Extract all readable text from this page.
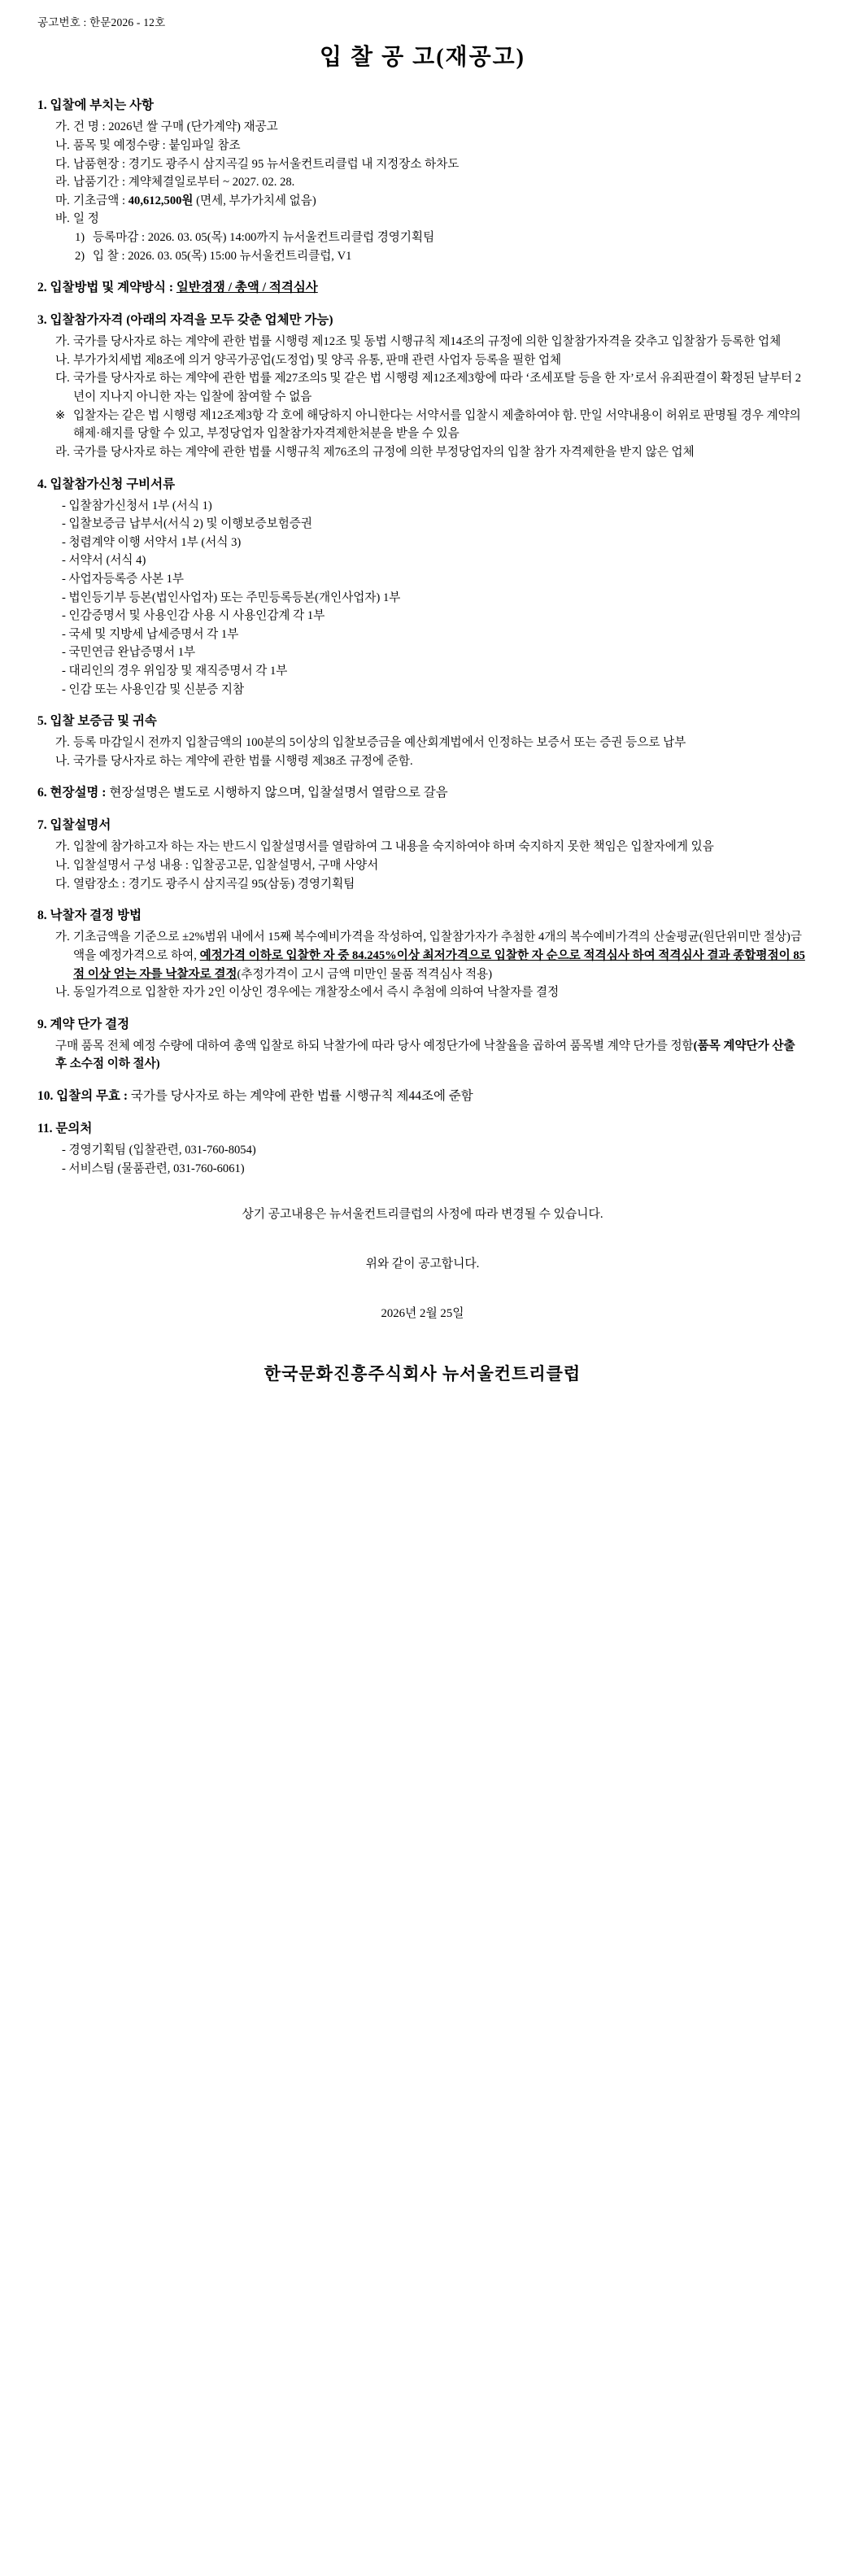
공고번호 : 한문2026 - 12호
입 찰 공 고(재공고)
1. 입찰에 부치는 사항
가. 건 명 : 2026년 쌀 구매 (단가계약) 재공고
나. 품목 및 예정수량 : 붙임파일 참조
다. 납품현장 : 경기도 광주시 삼지곡길 95 뉴서울컨트리클럽 내 지정장소 하차도
라. 납품기간 : 계약체결일로부터 ~ 2027. 02. 28.
마. 기초금액 : 40,612,500원 (면세, 부가가치세 없음)
바. 일 정
1) 등록마감 : 2026. 03. 05(목) 14:00까지 뉴서울컨트리클럽 경영기획팀
2) 입 찰 : 2026. 03. 05(목) 15:00 뉴서울컨트리클럽, V1
2. 입찰방법 및 계약방식 : 일반경쟁 / 총액 / 적격심사
3. 입찰참가자격 (아래의 자격을 모두 갖춘 업체만 가능)
가. 국가를 당사자로 하는 계약에 관한 법률 시행령 제12조 및 동법 시행규칙 제14조의 규정에 의한 입찰참가자격을 갖추고 입찰참가 등록한 업체
나. 부가가치세법 제8조에 의거 양곡가공업(도정업) 및 양곡 유통, 판매 관련 사업자 등록을 필한 업체
다. 국가를 당사자로 하는 계약에 관한 법률 제27조의5 및 같은 법 시행령 제12조제3항에 따라 ‘조세포탈 등을 한 자’로서 유죄판결이 확정된 날부터 2년이 지나지 아니한 자는 입찰에 참여할 수 없음
※ 입찰자는 같은 법 시행령 제12조제3항 각 호에 해당하지 아니한다는 서약서를 입찰시 제출하여야 함. 만일 서약내용이 허위로 판명될 경우 계약의 해제·해지를 당할 수 있고, 부정당업자 입찰참가자격제한처분을 받을 수 있음
라. 국가를 당사자로 하는 계약에 관한 법률 시행규칙 제76조의 규정에 의한 부정당업자의 입찰 참가 자격제한을 받지 않은 업체
4. 입찰참가신청 구비서류
- 입찰참가신청서 1부 (서식 1)
- 입찰보증금 납부서(서식 2) 및 이행보증보험증권
- 청렴계약 이행 서약서 1부 (서식 3)
- 서약서 (서식 4)
- 사업자등록증 사본 1부
- 법인등기부 등본(법인사업자) 또는 주민등록등본(개인사업자) 1부
- 인감증명서 및 사용인감 사용 시 사용인감계 각 1부
- 국세 및 지방세 납세증명서 각 1부
- 국민연금 완납증명서 1부
- 대리인의 경우 위임장 및 재직증명서 각 1부
- 인감 또는 사용인감 및 신분증 지참
5. 입찰 보증금 및 귀속
가. 등록 마감일시 전까지 입찰금액의 100분의 5이상의 입찰보증금을 예산회계법에서 인정하는 보증서 또는 증권 등으로 납부
나. 국가를 당사자로 하는 계약에 관한 법률 시행령 제38조 규정에 준함.
6. 현장설명 : 현장설명은 별도로 시행하지 않으며, 입찰설명서 열람으로 갈음
7. 입찰설명서
가. 입찰에 참가하고자 하는 자는 반드시 입찰설명서를 열람하여 그 내용을 숙지하여야 하며 숙지하지 못한 책임은 입찰자에게 있음
나. 입찰설명서 구성 내용 : 입찰공고문, 입찰설명서, 구매 사양서
다. 열람장소 : 경기도 광주시 삼지곡길 95(삼동) 경영기획팀
8. 낙찰자 결정 방법
가. 기초금액을 기준으로 ±2%범위 내에서 15째 복수예비가격을 작성하여, 입찰참가자가 추첨한 4개의 복수예비가격의 산술평균(원단위미만 절상)금액을 예정가격으로 하여, 예정가격 이하로 입찰한 자 중 84.245%이상 최저가격으로 입찰한 자 순으로 적격심사 하여 적격심사 결과 종합평점이 85점 이상 얻는 자를 낙찰자로 결정(추정가격이 고시 금액 미만인 물품 적격심사 적용)
나. 동일가격으로 입찰한 자가 2인 이상인 경우에는 개찰장소에서 즉시 추첨에 의하여 낙찰자를 결정
9. 계약 단가 결정
구매 품목 전체 예정 수량에 대하여 총액 입찰로 하되 낙찰가에 따라 당사 예정단가에 낙찰율을 곱하여 품목별 계약 단가를 정함(품목 계약단가 산출 후 소수점 이하 절사)
10. 입찰의 무효 : 국가를 당사자로 하는 계약에 관한 법률 시행규칙 제44조에 준함
11. 문의처
- 경영기획팀 (입찰관련, 031-760-8054)
- 서비스팀 (물품관련, 031-760-6061)
상기 공고내용은 뉴서울컨트리클럽의 사정에 따라 변경될 수 있습니다.
위와 같이 공고합니다.
2026년 2월 25일
한국문화진흥주식회사 뉴서울컨트리클럽
